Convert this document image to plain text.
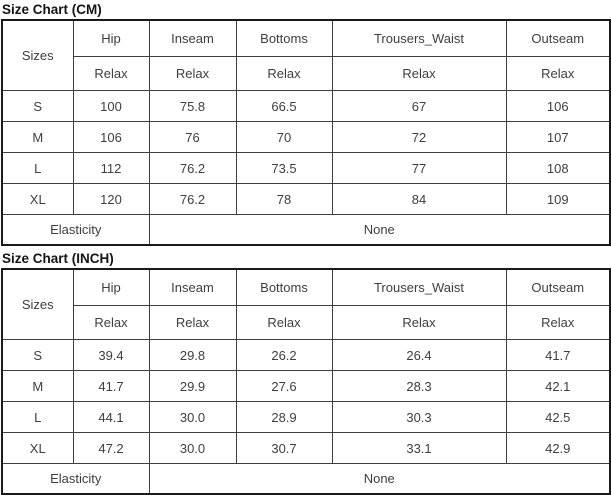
Size Chart (CM)
Sizes	Hip	Inseam	Bottoms	Trousers_Waist	Outseam
	Relax	Relax	Relax	Relax	Relax
S	100	75.8	66.5	67	106
M	106	76	70	72	107
L	112	76.2	73.5	77	108
XL	120	76.2	78	84	109
Elasticity		None			
Size Chart (INCH)
Sizes	Hip	Inseam	Bottoms	Trousers_Waist	Outseam
	Relax	Relax	Relax	Relax	Relax
S	39.4	29.8	26.2	26.4	41.7
M	41.7	29.9	27.6	28.3	42.1
L	44.1	30.0	28.9	30.3	42.5
XL	47.2	30.0	30.7	33.1	42.9
Elasticity		None			
